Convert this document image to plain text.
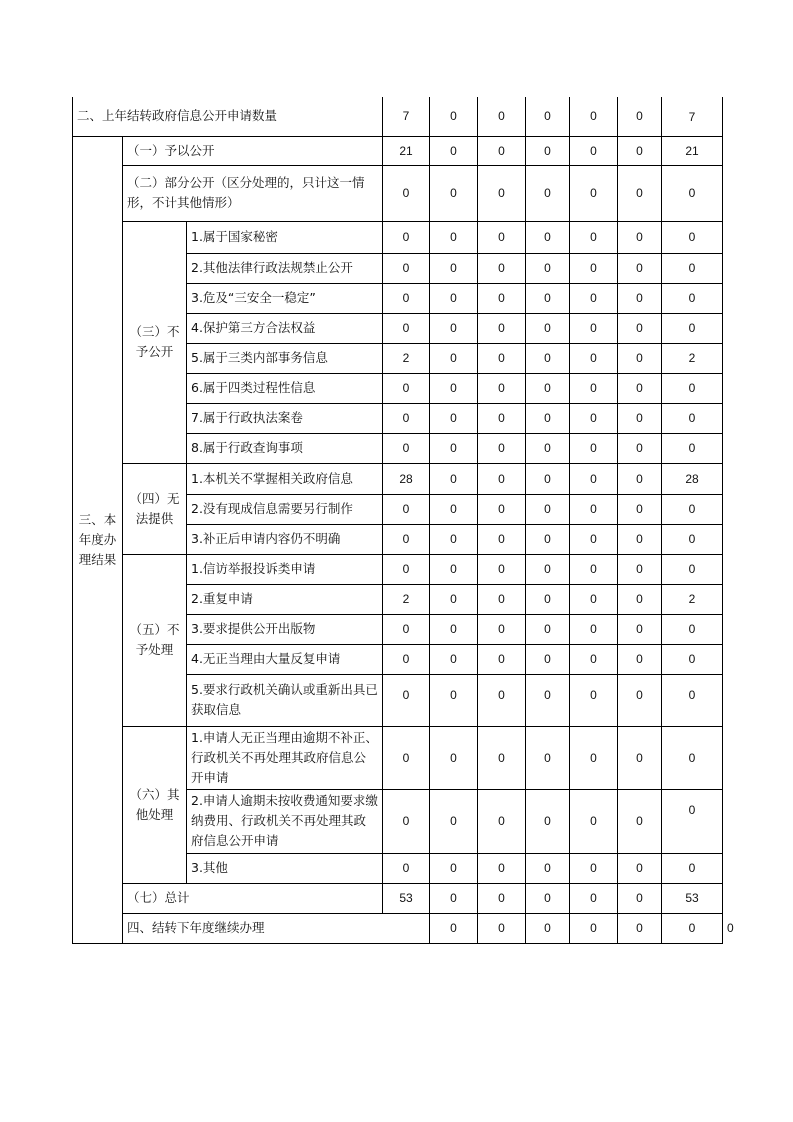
二、上年结转政府信息公开申请数量			7	0	0	0	0	0	7	
三、本年度办理结果	（一）予以公开		21	0	0	0	0	0	21	
	（二）部分公开（区分处理的，只计这一情形，不计其他情形）		0	0	0	0	0	0	0	
	（三）不予公开	1.属于国家秘密	0	0	0	0	0	0	0	
		2.其他法律行政法规禁止公开	0	0	0	0	0	0	0	
		3.危及“三安全一稳定”	0	0	0	0	0	0	0	
		4.保护第三方合法权益	0	0	0	0	0	0	0	
		5.属于三类内部事务信息	2	0	0	0	0	0	2	
		6.属于四类过程性信息	0	0	0	0	0	0	0	
		7.属于行政执法案卷	0	0	0	0	0	0	0	
		8.属于行政查询事项	0	0	0	0	0	0	0	
	（四）无法提供	1.本机关不掌握相关政府信息	28	0	0	0	0	0	28	
		2.没有现成信息需要另行制作	0	0	0	0	0	0	0	
		3.补正后申请内容仍不明确	0	0	0	0	0	0	0	
	（五）不予处理	1.信访举报投诉类申请	0	0	0	0	0	0	0	
		2.重复申请	2	0	0	0	0	0	2	
		3.要求提供公开出版物	0	0	0	0	0	0	0	
		4.无正当理由大量反复申请	0	0	0	0	0	0	0	
		5.要求行政机关确认或重新出具已获取信息	0	0	0	0	0	0	0	
	（六）其他处理	1.申请人无正当理由逾期不补正、行政机关不再处理其政府信息公开申请	0	0	0	0	0	0	0	
		2.申请人逾期未按收费通知要求缴纳费用、行政机关不再处理其政府信息公开申请	0	0	0	0	0	0	0	
		3.其他	0	0	0	0	0	0	0	
	（七）总计		53	0	0	0	0	0	53	
	四、结转下年度继续办理			0	0	0	0	0	0	0
